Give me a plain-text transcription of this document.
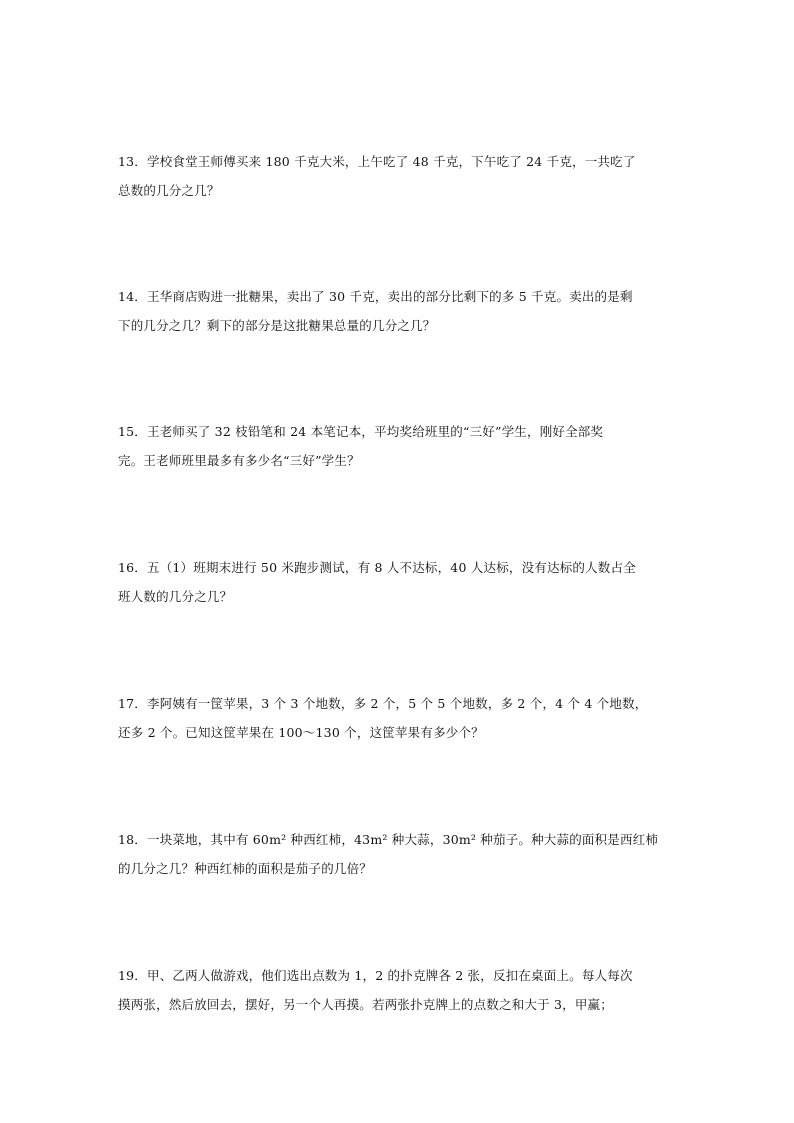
13．学校食堂王师傅买来 180 千克大米，上午吃了 48 千克，下午吃了 24 千克，一共吃了
总数的几分之几？
14．王华商店购进一批糖果，卖出了 30 千克，卖出的部分比剩下的多 5 千克。卖出的是剩
下的几分之几？剩下的部分是这批糖果总量的几分之几？
15．王老师买了 32 枝铅笔和 24 本笔记本，平均奖给班里的“三好”学生，刚好全部奖
完。王老师班里最多有多少名“三好”学生？
16．五（1）班期末进行 50 米跑步测试，有 8 人不达标，40 人达标，没有达标的人数占全
班人数的几分之几？
17．李阿姨有一筐苹果，3 个 3 个地数，多 2 个，5 个 5 个地数，多 2 个，4 个 4 个地数，
还多 2 个。已知这筐苹果在 100～130 个，这筐苹果有多少个？
18．一块菜地，其中有 60m² 种西红柿，43m² 种大蒜，30m² 种茄子。种大蒜的面积是西红柿
的几分之几？种西红柿的面积是茄子的几倍？
19．甲、乙两人做游戏，他们选出点数为 1，2 的扑克牌各 2 张，反扣在桌面上。每人每次
摸两张，然后放回去，摆好，另一个人再摸。若两张扑克牌上的点数之和大于 3，甲赢；
